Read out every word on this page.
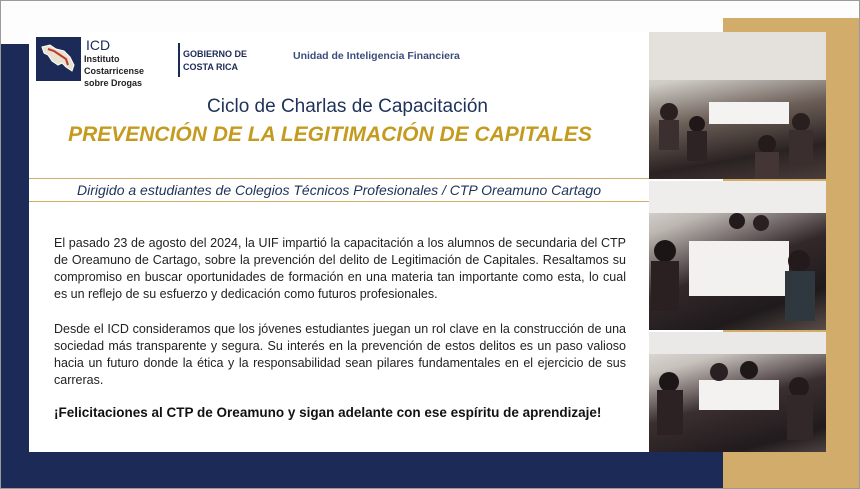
ICD
Instituto Costarricense sobre Drogas
GOBIERNO DE COSTA RICA
Unidad de Inteligencia Financiera
Ciclo de Charlas de Capacitación
PREVENCIÓN DE LA LEGITIMACIÓN DE CAPITALES
Dirigido a estudiantes de Colegios Técnicos Profesionales / CTP Oreamuno Cartago

El pasado 23 de agosto del 2024, la UIF impartió la capacitación a los alumnos de secundaria del CTP de Oreamuno de Cartago, sobre la prevención del delito de Legitimación de Capitales. Resaltamos su compromiso en buscar oportunidades de formación en una materia tan importante como esta, lo cual es un reflejo de su esfuerzo y dedicación como futuros profesionales.

Desde el ICD consideramos que los jóvenes estudiantes juegan un rol clave en la construcción de una sociedad más transparente y segura. Su interés en la prevención de estos delitos es un paso valioso hacia un futuro donde la ética y la responsabilidad sean pilares fundamentales en el ejercicio de sus carreras.

¡Felicitaciones al CTP de Oreamuno y sigan adelante con ese espíritu de aprendizaje!
